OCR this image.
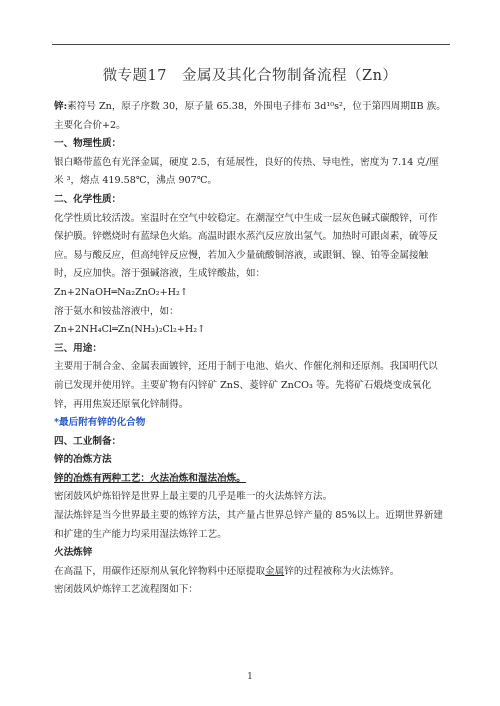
微专题17　金属及其化合物制备流程（Zn）

锌:素符号 Zn，原子序数 30，原子量 65.38，外围电子排布 3d¹⁰s²，位于第四周期ⅡB 族。主要化合价+2。

一、物理性质：

银白略带蓝色有光泽金属，硬度 2.5，有延展性，良好的传热、导电性，密度为 7.14 克/厘米 ³，熔点 419.58℃，沸点 907℃。

二、化学性质：

化学性质比较活泼。室温时在空气中较稳定。在潮湿空气中生成一层灰色碱式碳酸锌，可作保护膜。锌燃烧时有蓝绿色火焰。高温时跟水蒸汽反应放出氢气。加热时可跟卤素，硫等反应。易与酸反应，但高纯锌反应慢，若加入少量硫酸铜溶液，或跟铜、镍、铂等金属接触时，反应加快。溶于强碱溶液，生成锌酸盐，如：

Zn+2NaOH═Na₂ZnO₂+H₂↑

溶于氨水和铵盐溶液中，如：

Zn+2NH₄Cl═Zn(NH₃)₂Cl₂+H₂↑

三、用途：

主要用于制合金、金属表面镀锌，还用于制于电池、焰火、作催化剂和还原剂。我国明代以前已发现并使用锌。主要矿物有闪锌矿 ZnS、菱锌矿 ZnCO₃ 等。先将矿石煅烧变成氧化锌，再用焦炭还原氧化锌制得。

*最后附有锌的化合物

四、工业制备：

锌的冶炼方法

锌的冶炼有两种工艺：火法冶炼和湿法冶炼。

密闭鼓风炉炼铅锌是世界上最主要的几乎是唯一的火法炼锌方法。

湿法炼锌是当今世界最主要的炼锌方法，其产量占世界总锌产量的 85%以上。近期世界新建和扩建的生产能力均采用湿法炼锌工艺。

火法炼锌

在高温下，用碳作还原剂从氧化锌物料中还原提取金属锌的过程被称为火法炼锌。

密闭鼓风炉炼锌工艺流程图如下：

1
